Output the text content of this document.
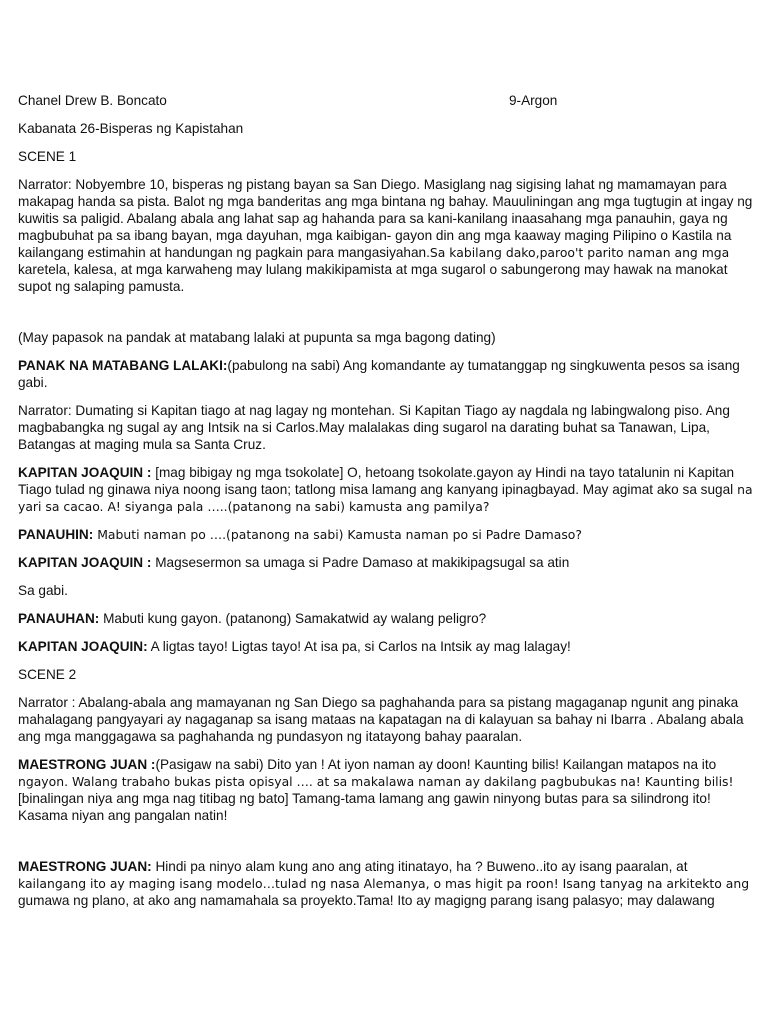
Chanel Drew B. Boncato	9-Argon
Kabanata 26-Bisperas ng Kapistahan
SCENE 1

Narrator: Nobyembre 10, bisperas ng pistang bayan sa San Diego. Masiglang nag sigising lahat ng mamamayan para makapag handa sa pista. Balot ng mga banderitas ang mga bintana ng bahay. Mauuliningan ang mga tugtugin at ingay ng kuwitis sa paligid. Abalang abala ang lahat sap ag hahanda para sa kani-kanilang inaasahang mga panauhin, gaya ng magbubuhat pa sa ibang bayan, mga dayuhan, mga kaibigan- gayon din ang mga kaaway maging Pilipino o Kastila na kailangang estimahin at handungan ng pagkain para mangasiyahan.Sa kabilang dako,paroo't parito naman ang mga karetela, kalesa, at mga karwaheng may lulang makikipamista at mga sugarol o sabungerong may hawak na manokat supot ng salaping pamusta.

(May papasok na pandak at matabang lalaki at pupunta sa mga bagong dating)

PANAK NA MATABANG LALAKI:(pabulong na sabi) Ang komandante ay tumatanggap ng singkuwenta pesos sa isang gabi.

Narrator: Dumating si Kapitan tiago at nag lagay ng montehan. Si Kapitan Tiago ay nagdala ng labingwalong piso. Ang magbabangka ng sugal ay ang Intsik na si Carlos.May malalakas ding sugarol na darating buhat sa Tanawan, Lipa, Batangas at maging mula sa Santa Cruz.

KAPITAN JOAQUIN : [mag bibigay ng mga tsokolate] O, hetoang tsokolate.gayon ay Hindi na tayo tatalunin ni Kapitan Tiago tulad ng ginawa niya noong isang taon; tatlong misa lamang ang kanyang ipinagbayad. May agimat ako sa sugal na yari sa cacao. A! siyanga pala …..(patanong na sabi) kamusta ang pamilya?

PANAUHIN: Mabuti naman po ….(patanong na sabi) Kamusta naman po si Padre Damaso?

KAPITAN JOAQUIN : Magsesermon sa umaga si Padre Damaso at makikipagsugal sa atin

Sa gabi.

PANAUHAN: Mabuti kung gayon. (patanong) Samakatwid ay walang peligro?

KAPITAN JOAQUIN: A ligtas tayo! Ligtas tayo! At isa pa, si Carlos na Intsik ay mag lalagay!

SCENE 2

Narrator : Abalang-abala ang mamayanan ng San Diego sa paghahanda para sa pistang magaganap ngunit ang pinaka mahalagang pangyayari ay nagaganap sa isang mataas na kapatagan na di kalayuan sa bahay ni Ibarra . Abalang abala ang mga manggagawa sa paghahanda ng pundasyon ng itatayong bahay paaralan.

MAESTRONG JUAN :(Pasigaw na sabi) Dito yan ! At iyon naman ay doon! Kaunting bilis! Kailangan matapos na ito ngayon. Walang trabaho bukas pista opisyal …. at sa makalawa naman ay dakilang pagbubukas na! Kaunting bilis! [binalingan niya ang mga nag titibag ng bato] Tamang-tama lamang ang gawin ninyong butas para sa silindrong ito! Kasama niyan ang pangalan natin!

MAESTRONG JUAN: Hindi pa ninyo alam kung ano ang ating itinatayo, ha ? Buweno..ito ay isang paaralan, at kailangang ito ay maging isang modelo…tulad ng nasa Alemanya, o mas higit pa roon! Isang tanyag na arkitekto ang gumawa ng plano, at ako ang namamahala sa proyekto.Tama! Ito ay magigng parang isang palasyo; may dalawang
